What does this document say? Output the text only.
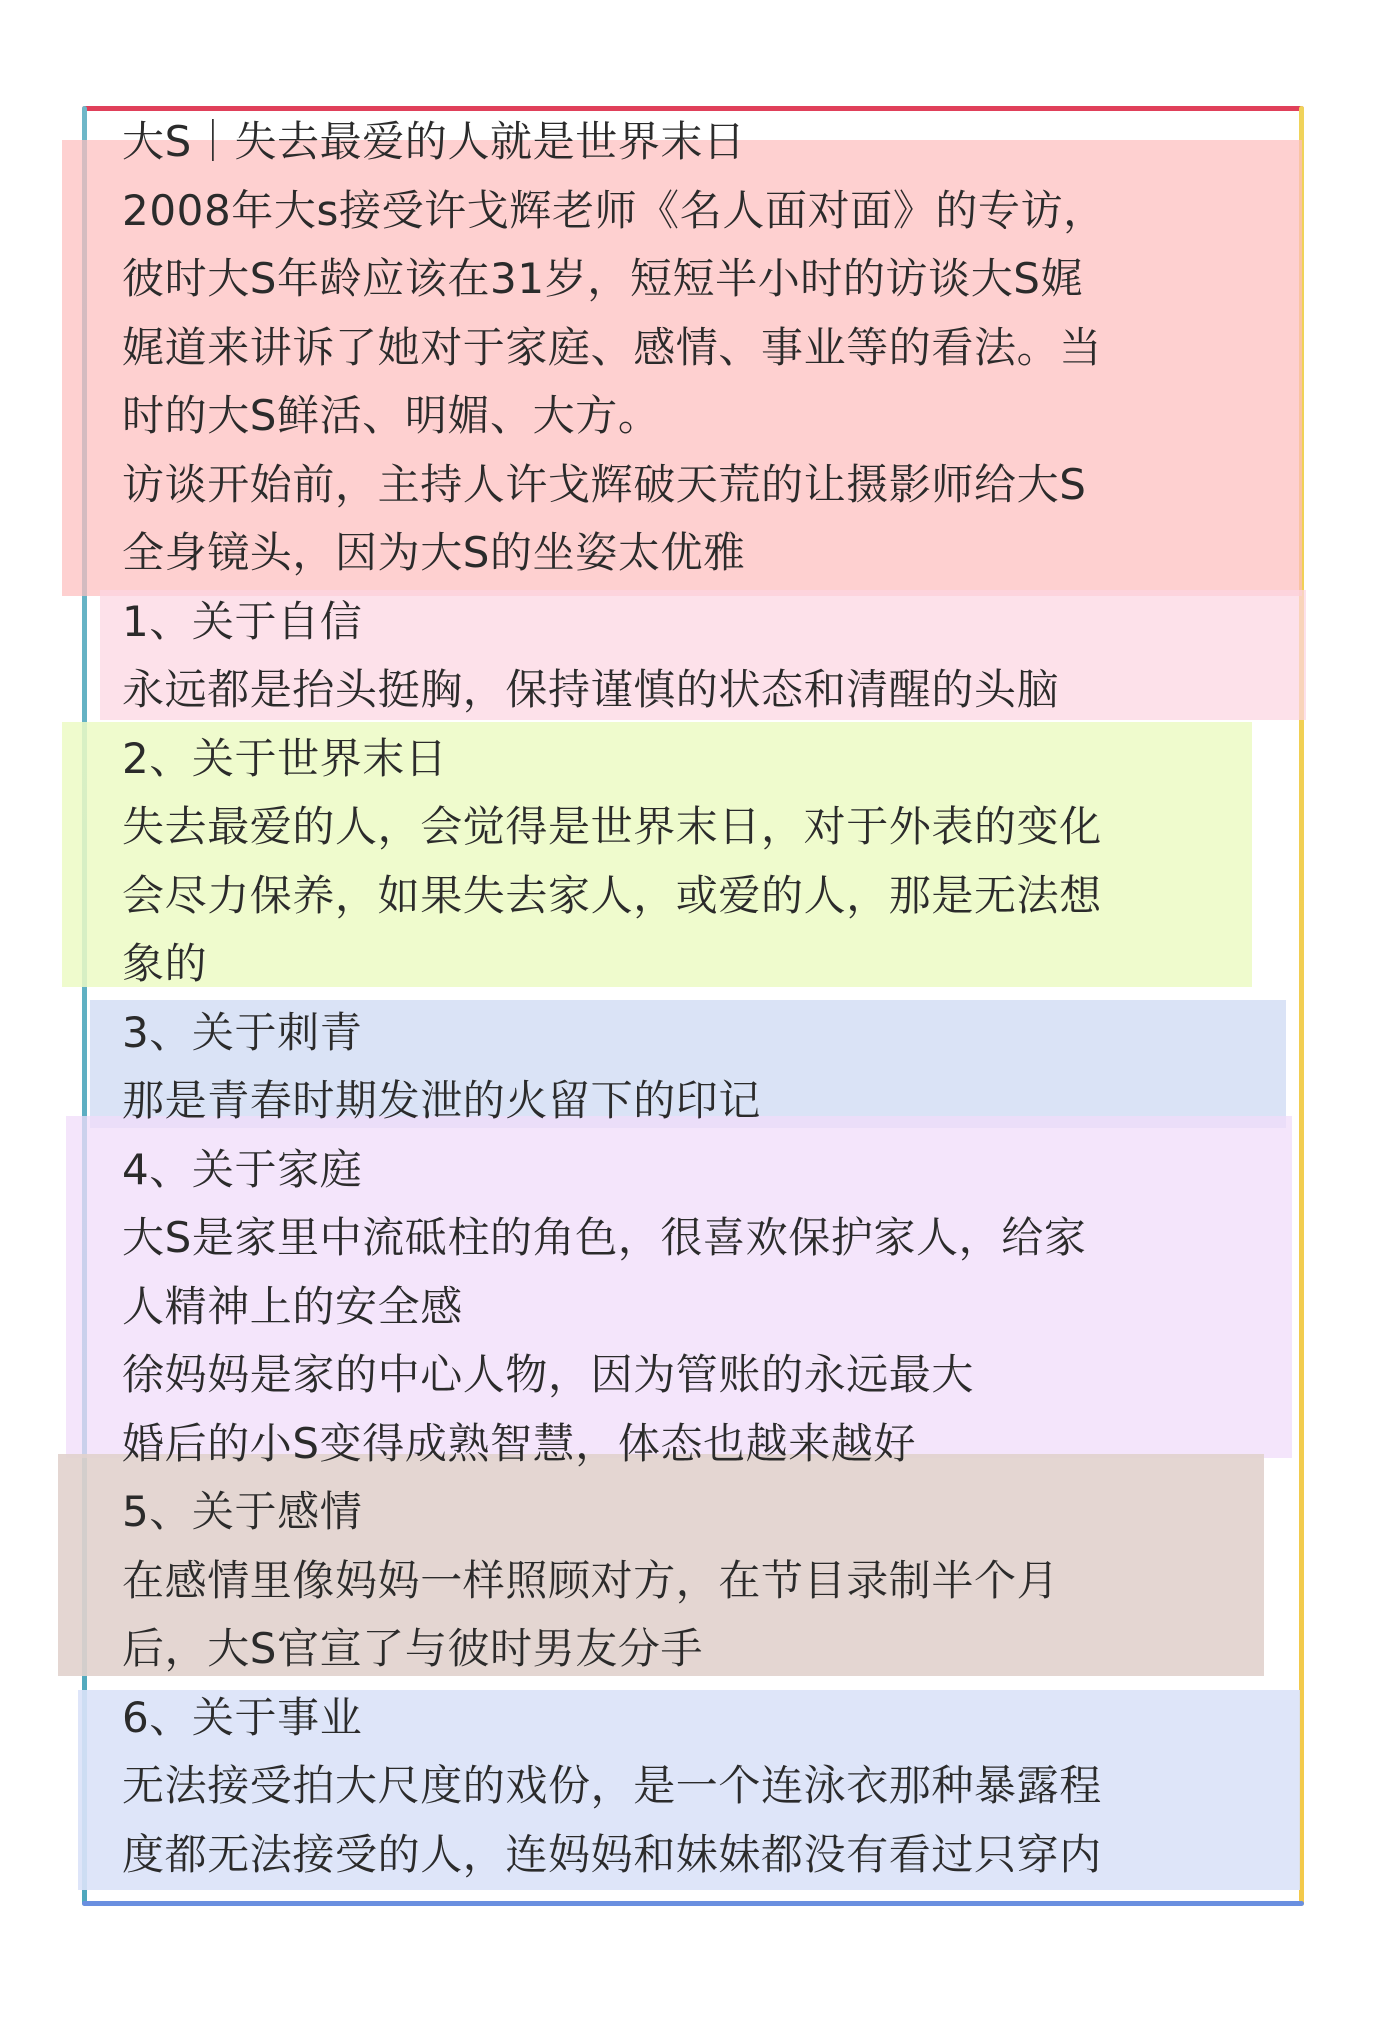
大S｜失去最爱的人就是世界末日
2008年大s接受许戈辉老师《名人面对面》的专访，
彼时大S年龄应该在31岁，短短半小时的访谈大S娓
娓道来讲诉了她对于家庭、感情、事业等的看法。当
时的大S鲜活、明媚、大方。
访谈开始前，主持人许戈辉破天荒的让摄影师给大S
全身镜头，因为大S的坐姿太优雅
1、关于自信
永远都是抬头挺胸，保持谨慎的状态和清醒的头脑
2、关于世界末日
失去最爱的人，会觉得是世界末日，对于外表的变化
会尽力保养，如果失去家人，或爱的人，那是无法想
象的
3、关于刺青
那是青春时期发泄的火留下的印记
4、关于家庭
大S是家里中流砥柱的角色，很喜欢保护家人，给家
人精神上的安全感
徐妈妈是家的中心人物，因为管账的永远最大
婚后的小S变得成熟智慧，体态也越来越好
5、关于感情
在感情里像妈妈一样照顾对方，在节目录制半个月
后，大S官宣了与彼时男友分手
6、关于事业
无法接受拍大尺度的戏份，是一个连泳衣那种暴露程
度都无法接受的人，连妈妈和妹妹都没有看过只穿内
